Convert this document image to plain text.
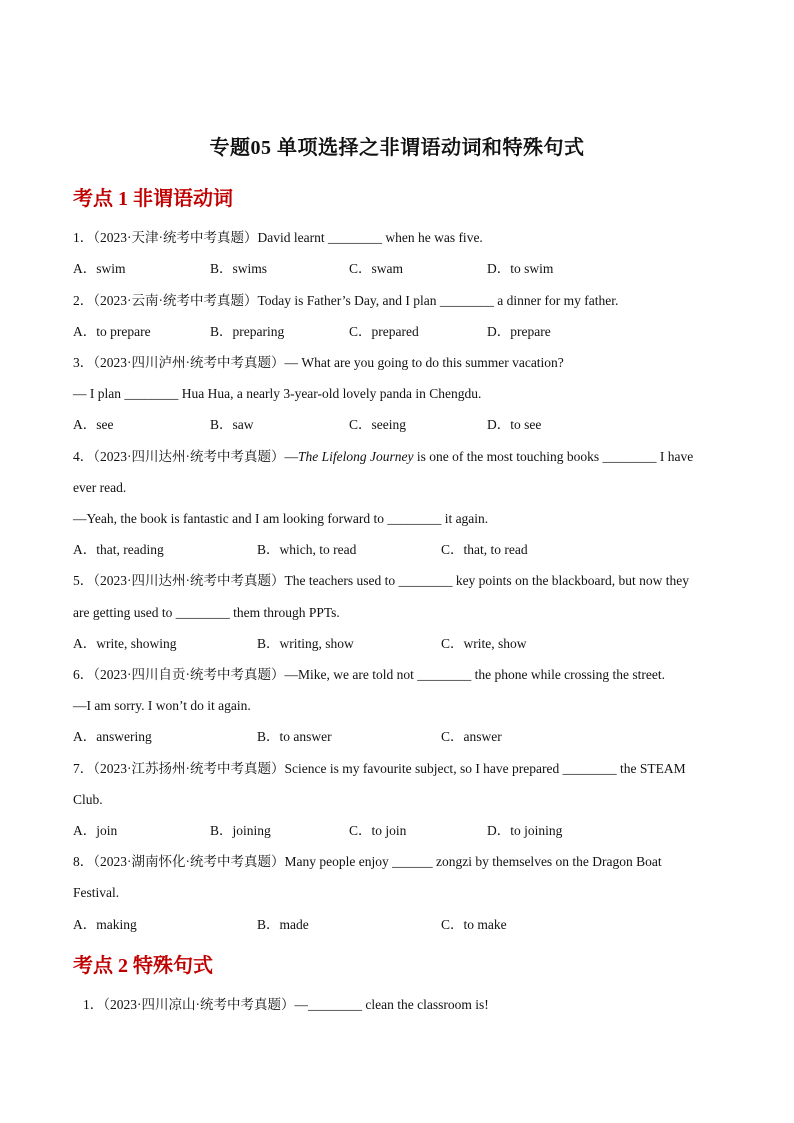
专题05 单项选择之非谓语动词和特殊句式
考点 1 非谓语动词
1．（2023·天津·统考中考真题）David learnt ________ when he was five.
A．swim	B．swims	C．swam	D．to swim
2．（2023·云南·统考中考真题）Today is Father’s Day, and I plan ________ a dinner for my father.
A．to prepare	B．preparing	C．prepared	D．prepare
3．（2023·四川泸州·统考中考真题）— What are you going to do this summer vacation?
— I plan ________ Hua Hua, a nearly 3-year-old lovely panda in Chengdu.
A．see	B．saw	C．seeing	D．to see
4．（2023·四川达州·统考中考真题）—The Lifelong Journey is one of the most touching books ________ I have
ever read.
—Yeah, the book is fantastic and I am looking forward to ________ it again.
A．that, reading	B．which, to read	C．that, to read
5．（2023·四川达州·统考中考真题）The teachers used to ________ key points on the blackboard, but now they
are getting used to ________ them through PPTs.
A．write, showing	B．writing, show	C．write, show
6．（2023·四川自贡·统考中考真题）—Mike, we are told not ________ the phone while crossing the street.
—I am sorry. I won’t do it again.
A．answering	B．to answer	C．answer
7．（2023·江苏扬州·统考中考真题）Science is my favourite subject, so I have prepared ________ the STEAM
Club.
A．join	B．joining	C．to join	D．to joining
8．（2023·湖南怀化·统考中考真题）Many people enjoy ______ zongzi by themselves on the Dragon Boat
Festival.
A．making	B．made	C．to make
考点 2 特殊句式
1．（2023·四川凉山·统考中考真题）—________ clean the classroom is!
